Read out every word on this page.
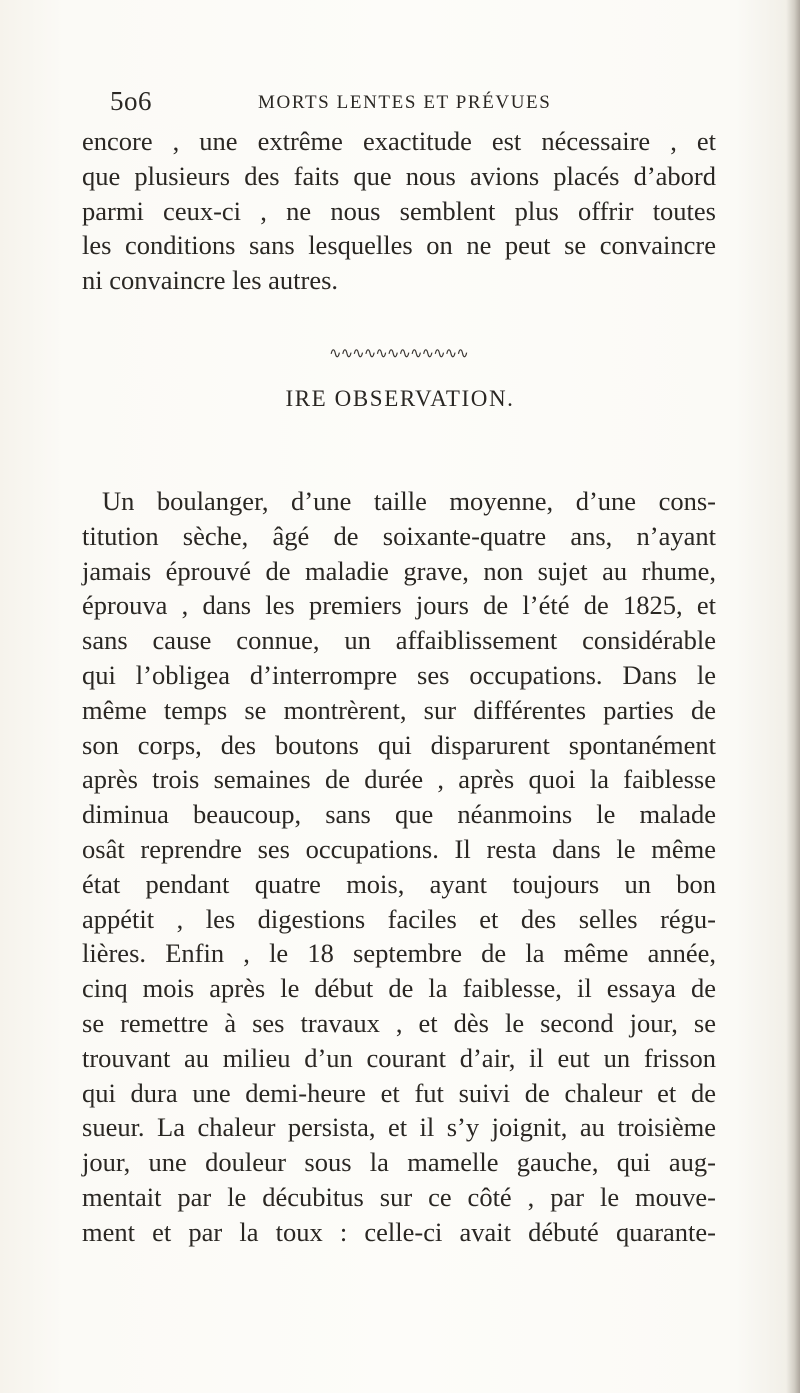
5o6	MORTS LENTES ET PRÉVUES
encore , une extrême exactitude est nécessaire , et
que plusieurs des faits que nous avions placés d’abord
parmi ceux-ci , ne nous semblent plus offrir toutes
les conditions sans lesquelles on ne peut se convaincre
ni convaincre les autres.
∿∿∿∿∿∿∿∿∿∿∿∿
IRE OBSERVATION.
Un boulanger, d’une taille moyenne, d’une cons-
titution sèche, âgé de soixante-quatre ans, n’ayant
jamais éprouvé de maladie grave, non sujet au rhume,
éprouva , dans les premiers jours de l’été de 1825, et
sans cause connue, un affaiblissement considérable
qui l’obligea d’interrompre ses occupations. Dans le
même temps se montrèrent, sur différentes parties de
son corps, des boutons qui disparurent spontanément
après trois semaines de durée , après quoi la faiblesse
diminua beaucoup, sans que néanmoins le malade
osât reprendre ses occupations. Il resta dans le même
état pendant quatre mois, ayant toujours un bon
appétit , les digestions faciles et des selles régu-
lières. Enfin , le 18 septembre de la même année,
cinq mois après le début de la faiblesse, il essaya de
se remettre à ses travaux , et dès le second jour, se
trouvant au milieu d’un courant d’air, il eut un frisson
qui dura une demi-heure et fut suivi de chaleur et de
sueur. La chaleur persista, et il s’y joignit, au troisième
jour, une douleur sous la mamelle gauche, qui aug-
mentait par le décubitus sur ce côté , par le mouve-
ment et par la toux : celle-ci avait débuté quarante-
